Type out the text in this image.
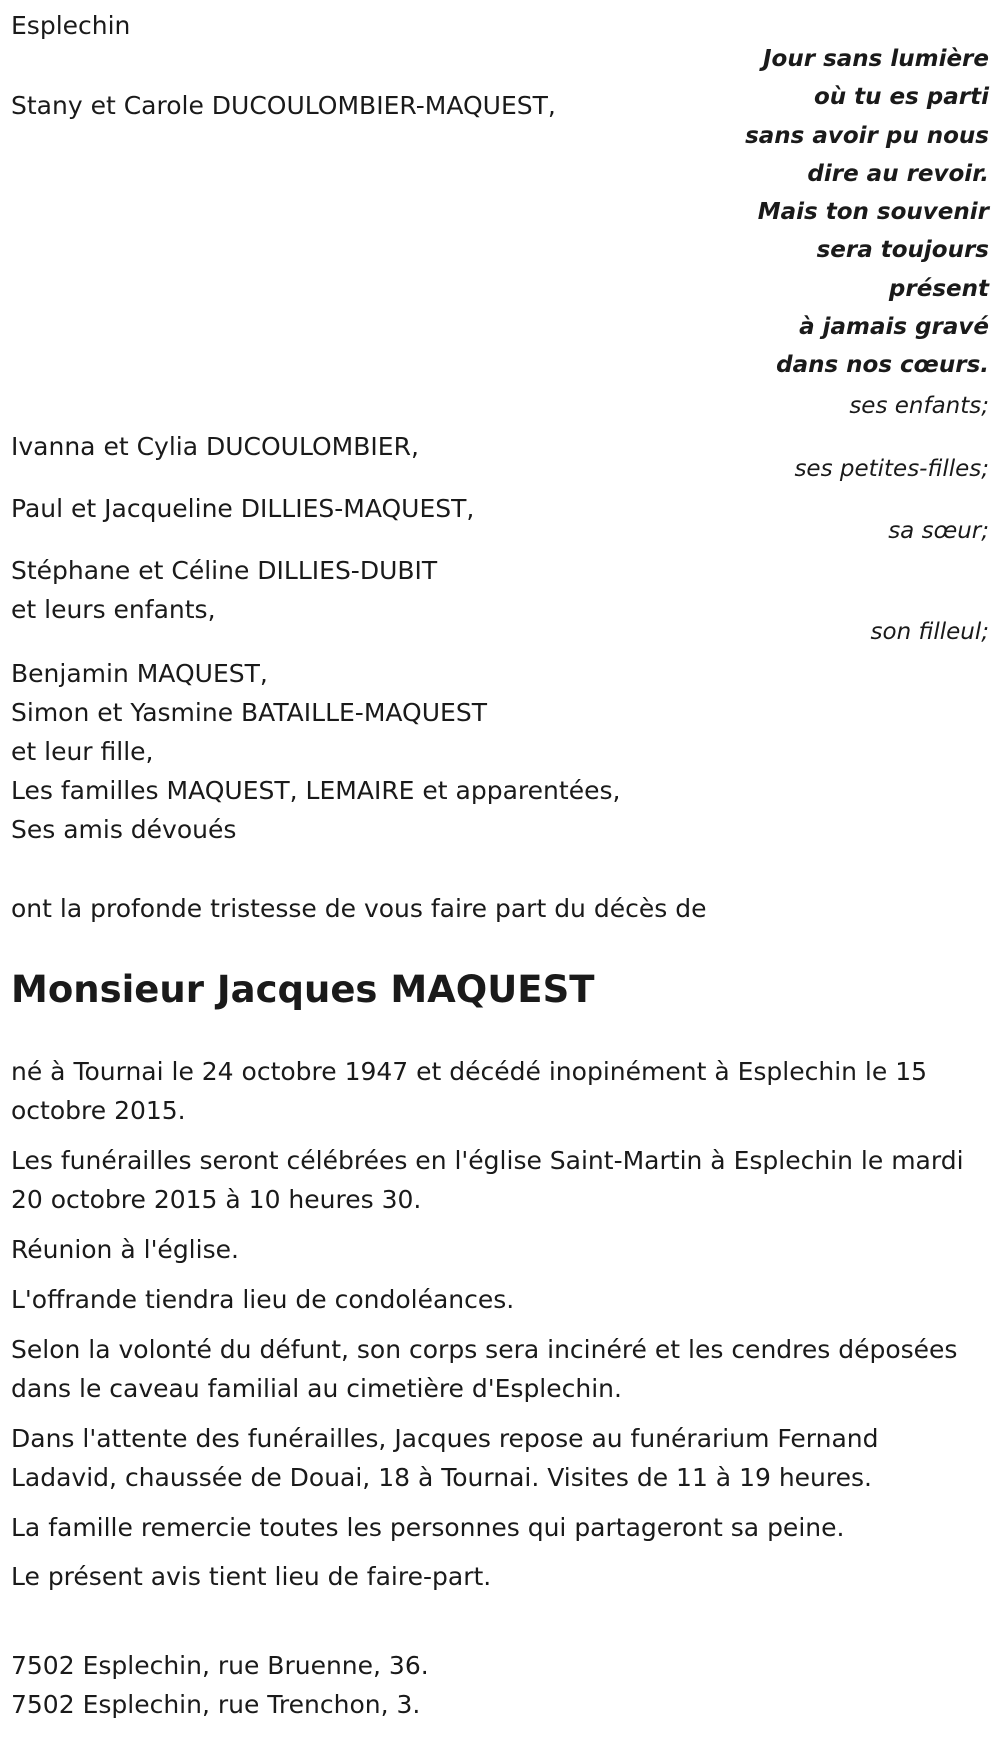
Esplechin
Jour sans lumière
où tu es parti
sans avoir pu nous
dire au revoir.
Mais ton souvenir
sera toujours
présent
à jamais gravé
dans nos cœurs.
Stany et Carole DUCOULOMBIER-MAQUEST,
ses enfants;
Ivanna et Cylia DUCOULOMBIER,
ses petites-filles;
Paul et Jacqueline DILLIES-MAQUEST,
sa sœur;
Stéphane et Céline DILLIES-DUBIT
et leurs enfants,
son filleul;
Benjamin MAQUEST,
Simon et Yasmine BATAILLE-MAQUEST
et leur fille,
Les familles MAQUEST, LEMAIRE et apparentées,
Ses amis dévoués
ont la profonde tristesse de vous faire part du décès de
Monsieur Jacques MAQUEST
né à Tournai le 24 octobre 1947 et décédé inopinément à Esplechin le 15 octobre 2015.
Les funérailles seront célébrées en l'église Saint-Martin à Esplechin le mardi 20 octobre 2015 à 10 heures 30.
Réunion à l'église.
L'offrande tiendra lieu de condoléances.
Selon la volonté du défunt, son corps sera incinéré et les cendres déposées dans le caveau familial au cimetière d'Esplechin.
Dans l'attente des funérailles, Jacques repose au funérarium Fernand Ladavid, chaussée de Douai, 18 à Tournai. Visites de 11 à 19 heures.
La famille remercie toutes les personnes qui partageront sa peine.
Le présent avis tient lieu de faire-part.
7502 Esplechin, rue Bruenne, 36.
7502 Esplechin, rue Trenchon, 3.
